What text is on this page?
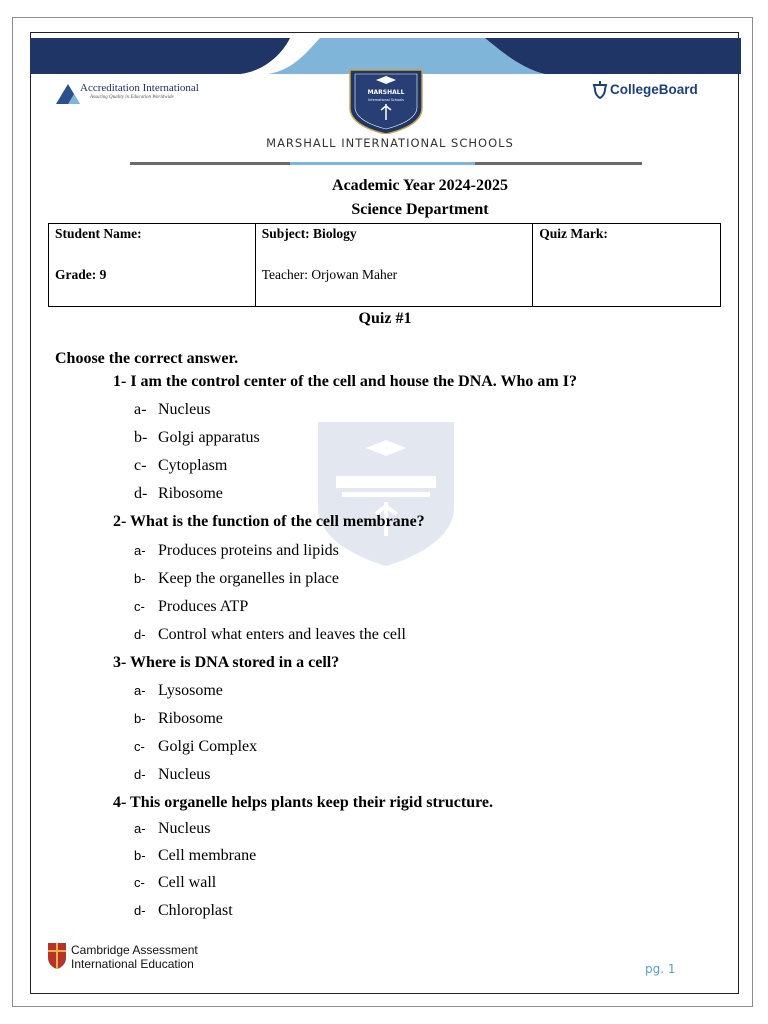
Accreditation International
Assuring Quality in Education Worldwide
MARSHALL
International Schools
CollegeBoard
MARSHALL INTERNATIONAL SCHOOLS
Academic Year 2024-2025
Science Department
Student Name:
Grade: 9

Subject: Biology
Teacher: Orjowan Maher

Quiz Mark:
Quiz #1
Choose the correct answer.
1- I am the control center of the cell and house the DNA. Who am I?
a- Nucleus
b- Golgi apparatus
c- Cytoplasm
d- Ribosome
2- What is the function of the cell membrane?
a- Produces proteins and lipids
b- Keep the organelles in place
c- Produces ATP
d- Control what enters and leaves the cell
3- Where is DNA stored in a cell?
a- Lysosome
b- Ribosome
c- Golgi Complex
d- Nucleus
4- This organelle helps plants keep their rigid structure.
a- Nucleus
b- Cell membrane
c- Cell wall
d- Chloroplast
Cambridge Assessment
International Education	pg. 1
